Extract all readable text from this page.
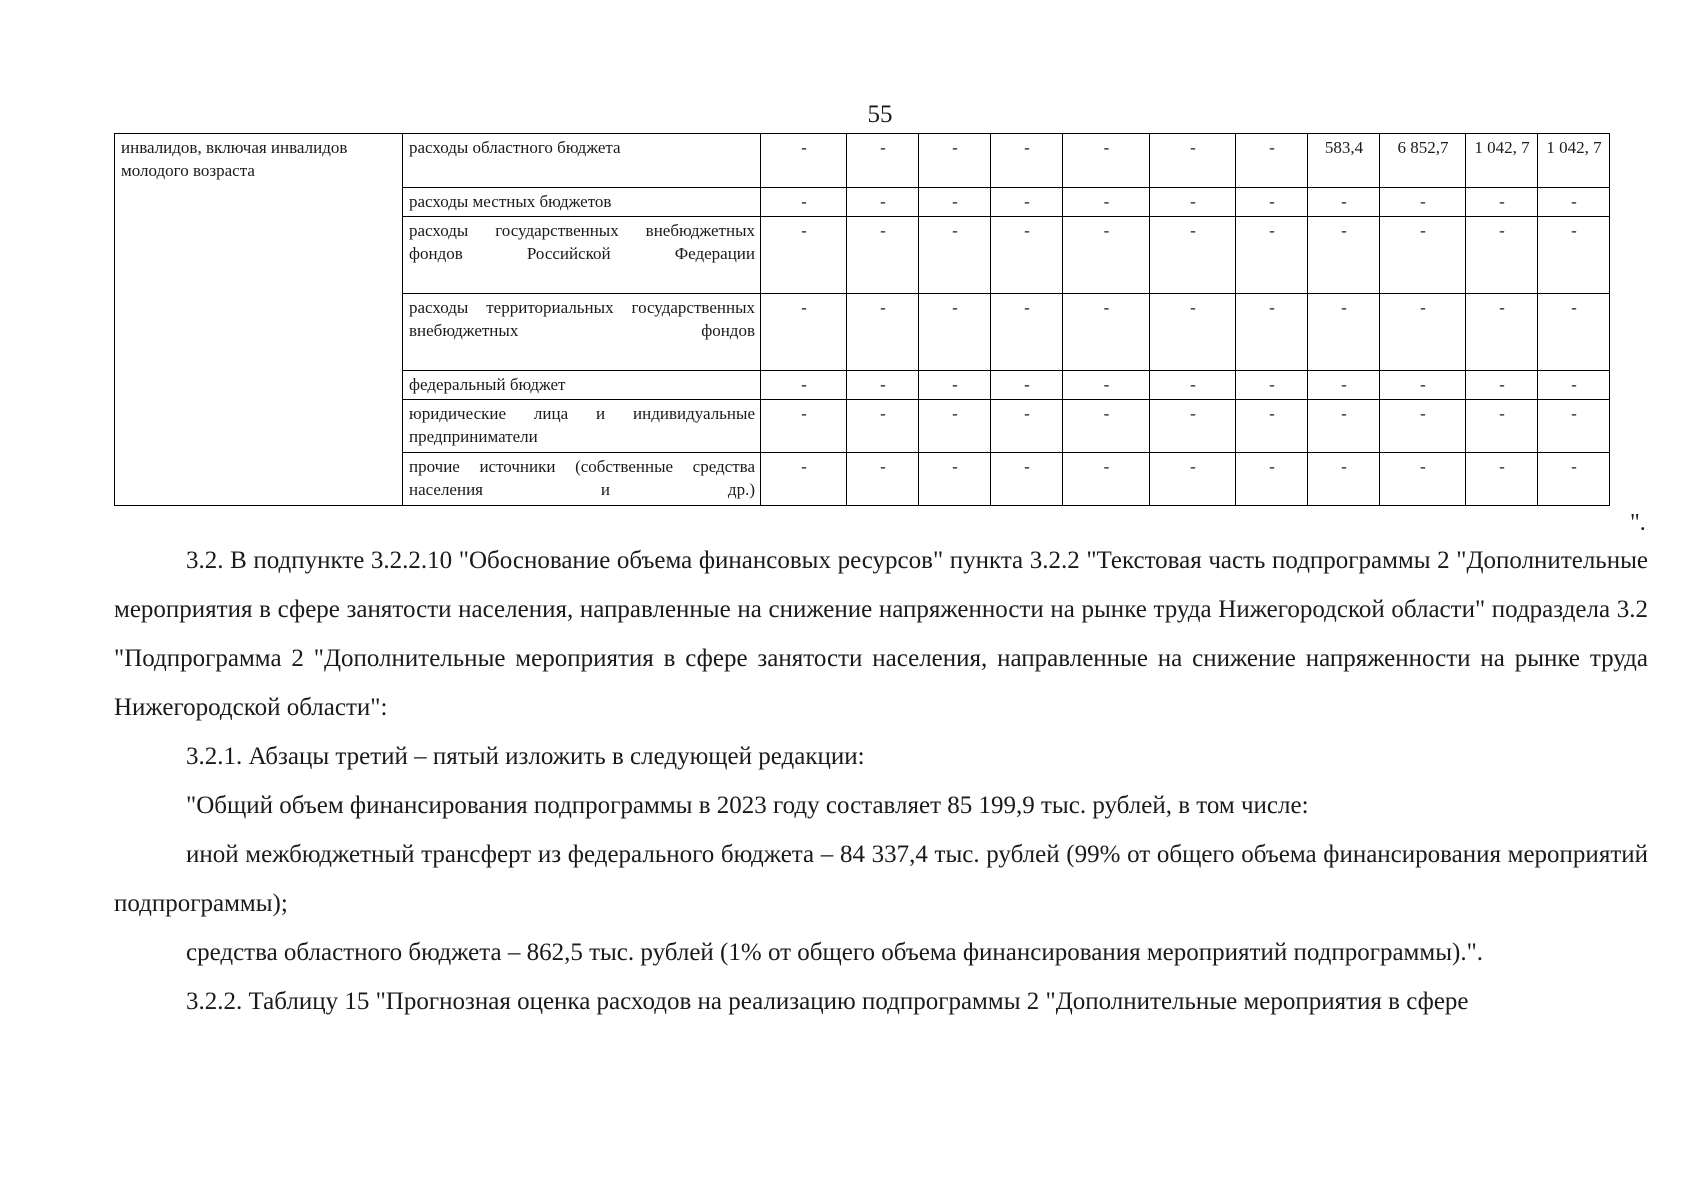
55
инвалидов, включая инвалидов молодого возраста	расходы областного бюджета	-	-	-	-	-	-	-	583,4	6 852,7	1 042, 7	1 042, 7
	расходы местных бюджетов	-	-	-	-	-	-	-	-	-	-	-
	расходы государственных внебюджетных фондов Российской Федерации	-	-	-	-	-	-	-	-	-	-	-
	расходы территориальных государственных внебюджетных фондов	-	-	-	-	-	-	-	-	-	-	-
	федеральный бюджет	-	-	-	-	-	-	-	-	-	-	-
	юридические лица и индивидуальные предприниматели	-	-	-	-	-	-	-	-	-	-	-
	прочие источники (собственные средства населения и др.)	-	-	-	-	-	-	-	-	-	-	-
".

3.2. В подпункте 3.2.2.10 "Обоснование объема финансовых ресурсов" пункта 3.2.2 "Текстовая часть подпрограммы 2 "Дополнительные мероприятия в сфере занятости населения, направленные на снижение напряженности на рынке труда Нижегородской области" подраздела 3.2 "Подпрограмма 2 "Дополнительные мероприятия в сфере занятости населения, направленные на снижение напряженности на рынке труда Нижегородской области":

3.2.1. Абзацы третий – пятый изложить в следующей редакции:

"Общий объем финансирования подпрограммы в 2023 году составляет 85 199,9 тыс. рублей, в том числе:

иной межбюджетный трансферт из федерального бюджета – 84 337,4 тыс. рублей (99% от общего объема финансирования мероприятий подпрограммы);

средства областного бюджета – 862,5 тыс. рублей (1% от общего объема финансирования мероприятий подпрограммы).".

3.2.2. Таблицу 15 "Прогнозная оценка расходов на реализацию подпрограммы 2 "Дополнительные мероприятия в сфере
